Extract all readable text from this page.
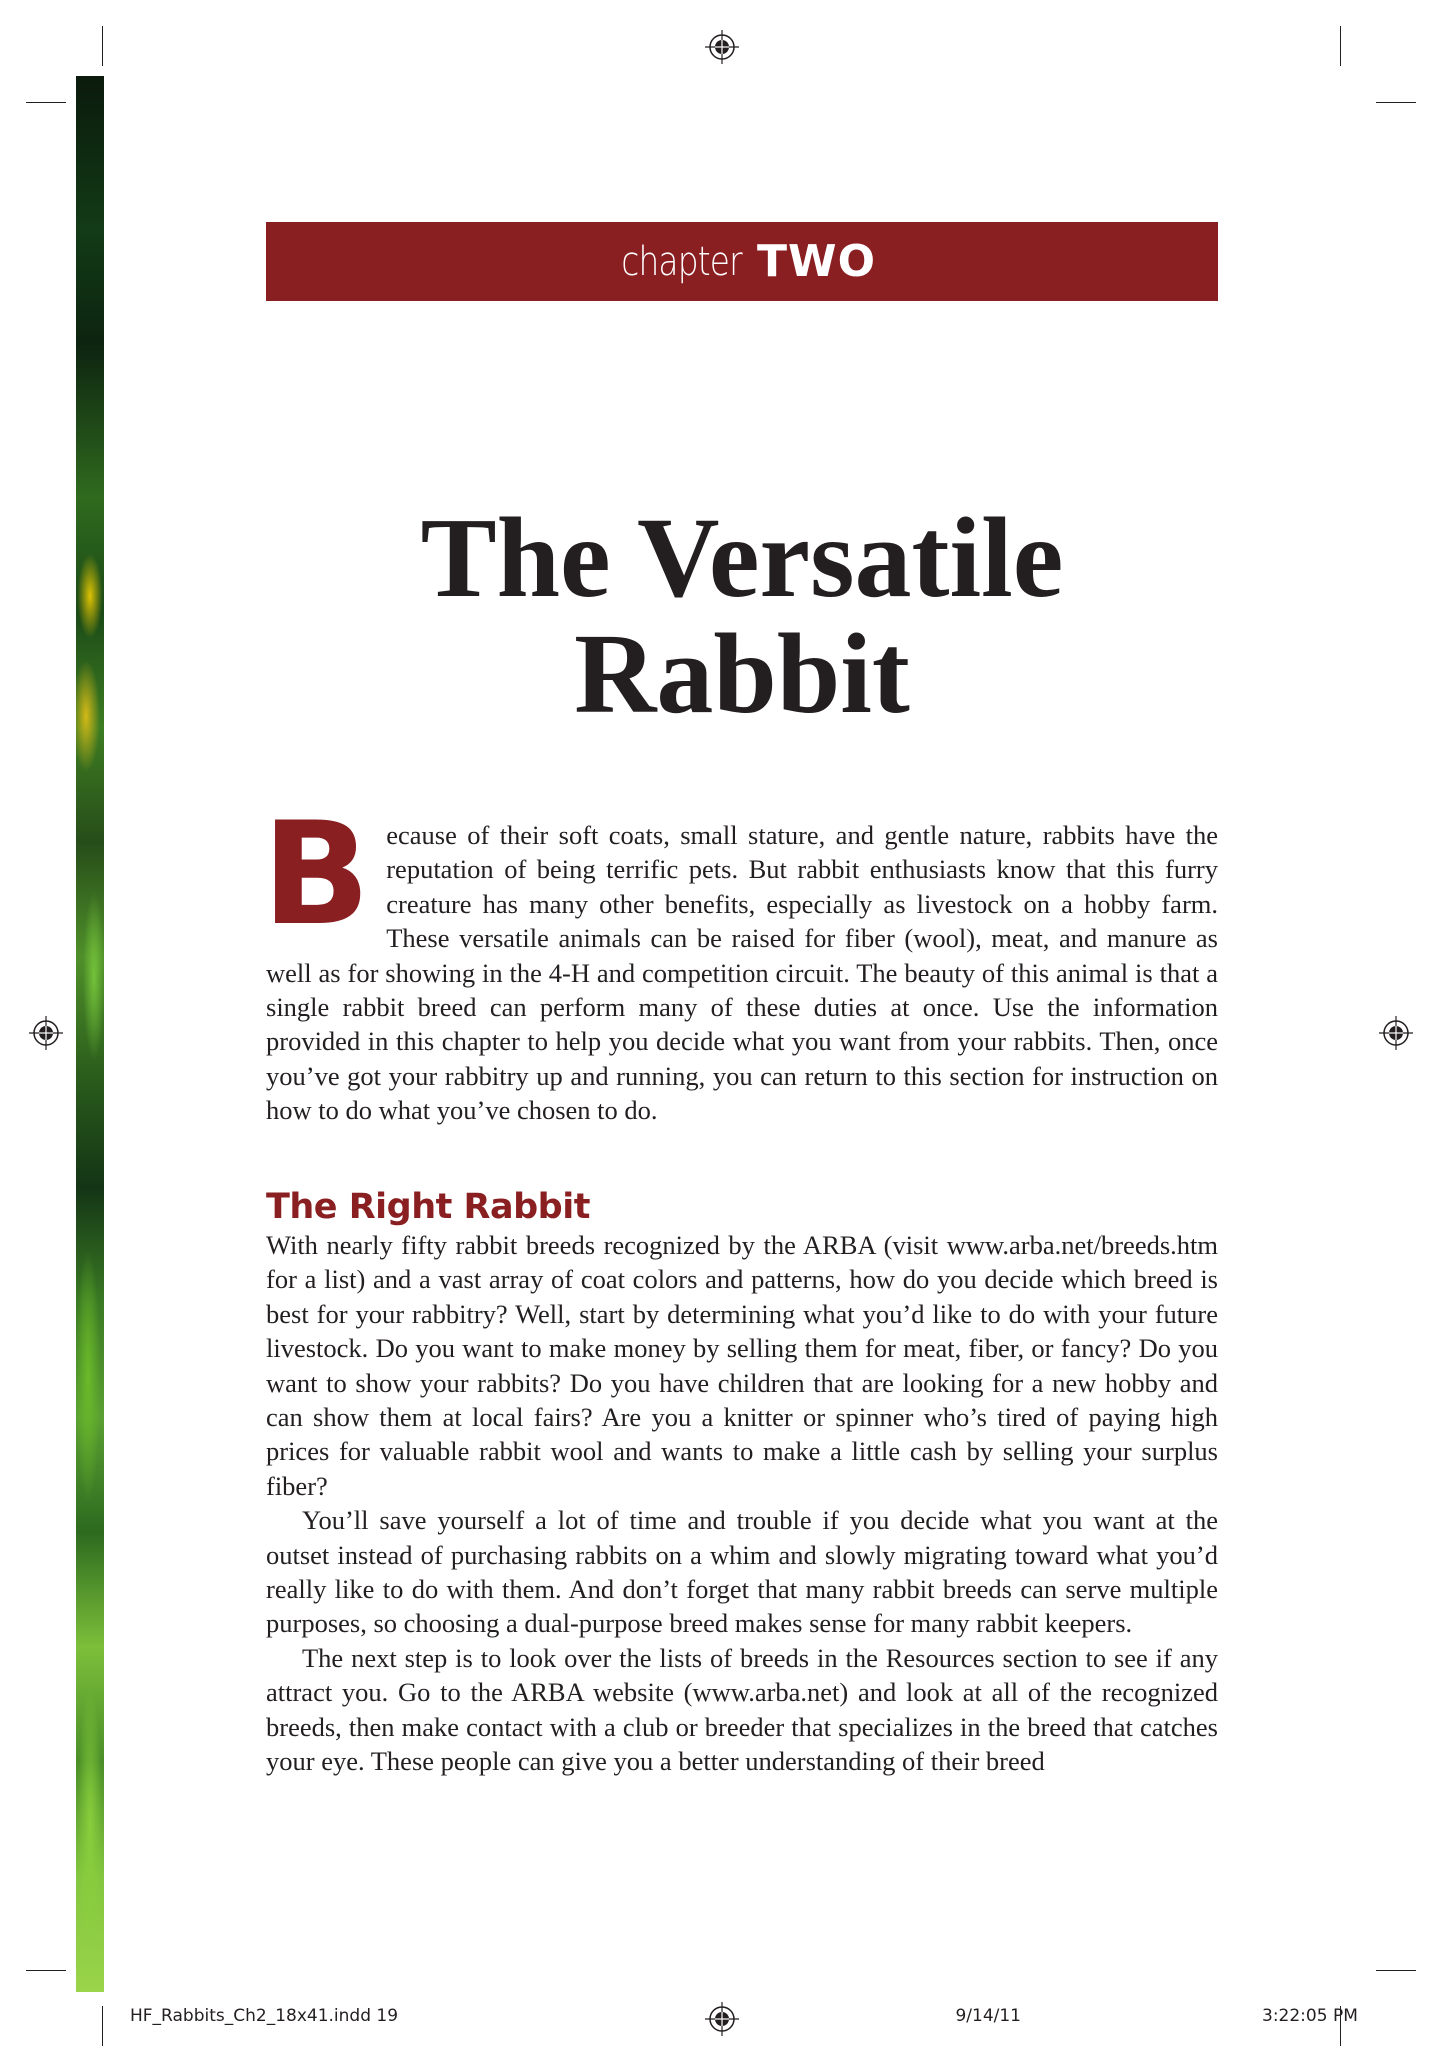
chapter TWO
The Versatile
Rabbit

B ecause of their soft coats, small stature, and gentle nature, rabbits have the reputation of being terrific pets. But rabbit enthusiasts know that this furry creature has many other benefits, especially as livestock on a hobby farm. These versatile animals can be raised for fiber (wool), meat, and manure as well as for showing in the 4-H and competition circuit. The beauty of this animal is that a single rabbit breed can perform many of these duties at once. Use the information provided in this chapter to help you decide what you want from your rabbits. Then, once you’ve got your rabbitry up and running, you can return to this section for instruction on how to do what you’ve chosen to do.

The Right Rabbit

With nearly fifty rabbit breeds recognized by the ARBA (visit www.arba.net/breeds.htm for a list) and a vast array of coat colors and patterns, how do you decide which breed is best for your rabbitry? Well, start by determining what you’d like to do with your future livestock. Do you want to make money by selling them for meat, fiber, or fancy? Do you want to show your rabbits? Do you have children that are looking for a new hobby and can show them at local fairs? Are you a knitter or spinner who’s tired of paying high prices for valuable rabbit wool and wants to make a little cash by selling your surplus fiber?

You’ll save yourself a lot of time and trouble if you decide what you want at the outset instead of purchasing rabbits on a whim and slowly migrating toward what you’d really like to do with them. And don’t forget that many rabbit breeds can serve multiple purposes, so choosing a dual-purpose breed makes sense for many rabbit keepers.

The next step is to look over the lists of breeds in the Resources section to see if any attract you. Go to the ARBA website (www.arba.net) and look at all of the recognized breeds, then make contact with a club or breeder that specializes in the breed that catches your eye. These people can give you a better understanding of their breed

HF_Rabbits_Ch2_18x41.indd 19	9/14/11	3:22:05 PM
